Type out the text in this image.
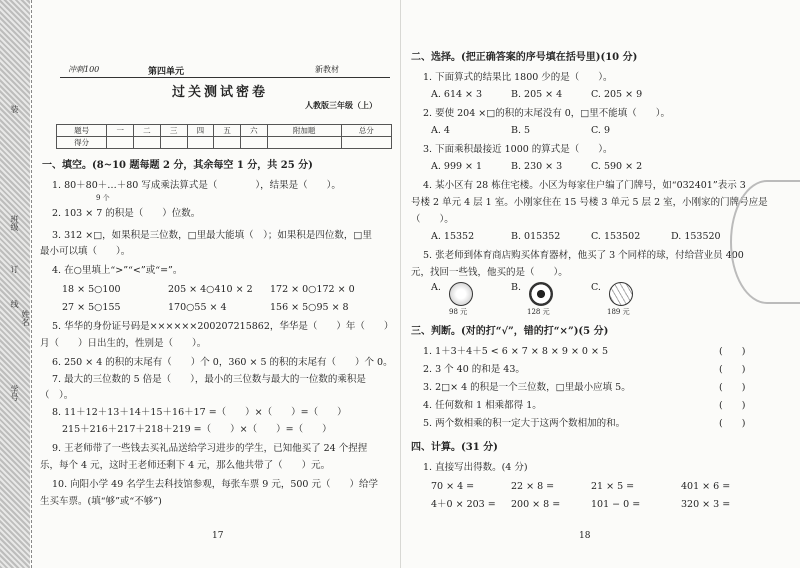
装
订
线
班级
姓名
学号
冲刺100	第四单元	新教材
过关测试密卷
人教版三年级（上）
题号	一	二	三	四	五	六	附加题	总分
得分								
一、填空。(8~10 题每题 2 分，其余每空 1 分，共 25 分)
1. 80＋80＋…＋80 写成乘法算式是（　　　　），结果是（　　）。
9 个
2. 103 × 7 的积是（　　）位数。
3. 312 ×□，如果积是三位数，□里最大能填（　）；如果积是四位数，□里
最小可以填（　　）。
4. 在○里填上“>”“<”或“=”。
18 × 5○100	205 × 4○410 × 2 172 × 0○172 × 0
27 × 5○155	170○55 × 4	156 × 5○95 × 8
5. 华华的身份证号码是××××××200207215862，华华是（　　）年（　　）
月（　　）日出生的，性别是（　　）。
6. 250 × 4 的积的末尾有（　　）个 0，360 × 5 的积的末尾有（　　）个 0。
7. 最大的三位数的 5 倍是（　　），最小的三位数与最大的一位数的乘积是
（　）。
8. 11＋12＋13＋14＋15＋16＋17 =（　　）×（　　）=（　　）
215＋216＋217＋218＋219 =（　　）×（　　）=（　　）
9. 王老师带了一些钱去买礼品送给学习进步的学生，已知他买了 24 个捏捏
乐，每个 4 元，这时王老师还剩下 4 元，那么他共带了（　　）元。
10. 向阳小学 49 名学生去科技馆参观，每张车票 9 元，500 元（　　）给学
生买车票。(填“够”或“不够”)
17
二、选择。(把正确答案的序号填在括号里)(10 分)
1. 下面算式的结果比 1800 少的是（　　）。
A. 614 × 3	B. 205 × 4	C. 205 × 9
2. 要使 204 ×□的积的末尾没有 0，□里不能填（　　）。
A. 4	B. 5	C. 9
3. 下面乘积最接近 1000 的算式是（　　）。
A. 999 × 1	B. 230 × 3	C. 590 × 2
4. 某小区有 28 栋住宅楼。小区为每家住户编了门牌号，如“032401”表示 3
号楼 2 单元 4 层 1 室。小刚家住在 15 号楼 3 单元 5 层 2 室，小刚家的门牌号应是
（　　）。
A. 15352	B. 015352	C. 153502	D. 153520
5. 张老师到体育商店购买体育器材，他买了 3 个同样的球，付给营业员 400
元，找回一些钱，他买的是（　　）。
A.
98 元
B.
128 元
C.
189 元
三、判断。(对的打“√”，错的打“×”)(5 分)
1. 1＋3＋4＋5 < 6 × 7 × 8 × 9 × 0 × 5	(　　)
2. 3 个 40 的和是 43。	(　　)
3. 2□× 4 的积是一个三位数，□里最小应填 5。	(　　)
4. 任何数和 1 相乘都得 1。	(　　)
5. 两个数相乘的积一定大于这两个数相加的和。	(　　)
四、计算。(31 分)
1. 直接写出得数。(4 分)
70 × 4 =	22 × 8 =	21 × 5 =	401 × 6 =
4＋0 × 203 = 200 × 8 =	101 − 0 =	320 × 3 =
18
